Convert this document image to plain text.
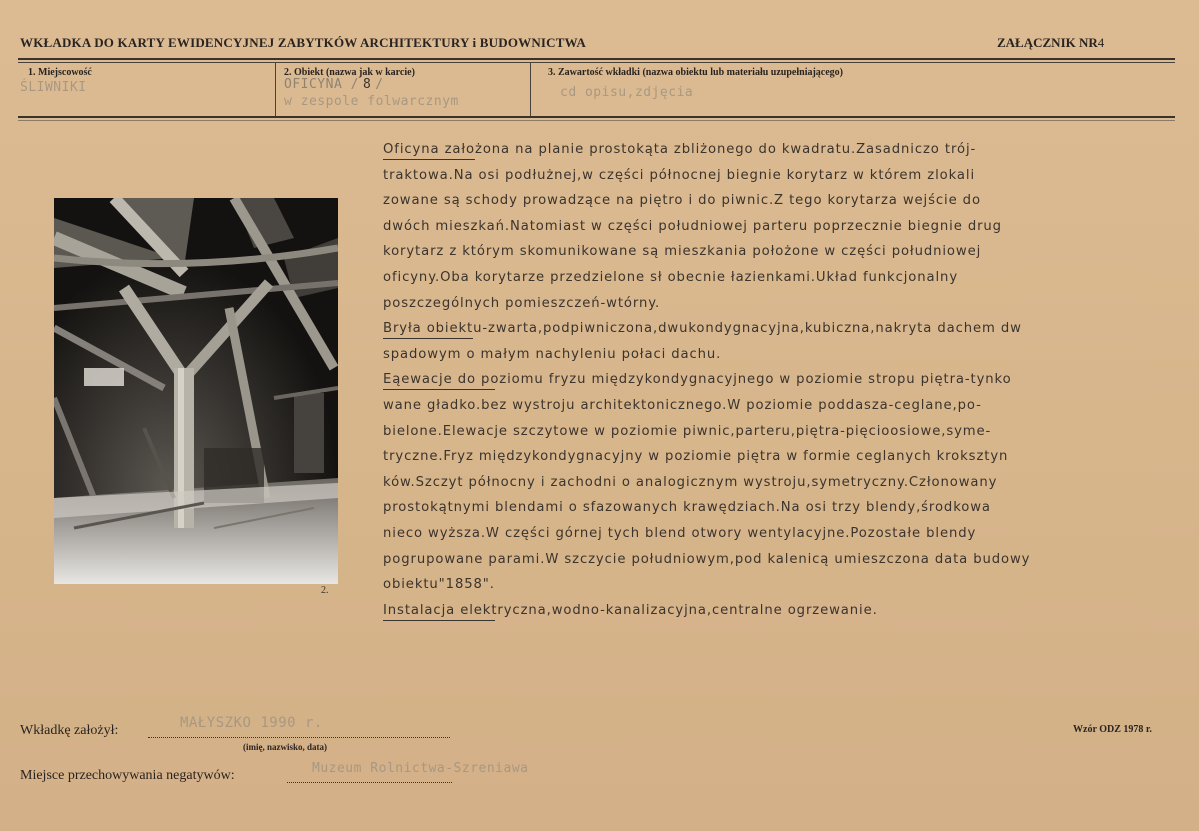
WKŁADKA DO KARTY EWIDENCYJNEJ ZABYTKÓW ARCHITEKTURY i BUDOWNICTWA	ZAŁĄCZNIK NR4
1. Miejscowość
ŚLIWNIKI
2. Obiekt (nazwa jak w karcie)
OFICYNA / 8 /
w zespole folwarcznym
3. Zawartość wkładki (nazwa obiektu lub materiału uzupełniającego)
cd opisu,zdjęcia
2.
Oficyna założona na planie prostokąta zbliżonego do kwadratu.Zasadniczo trój-
traktowa.Na osi podłużnej,w części północnej biegnie korytarz w którem zlokali
zowane są schody prowadzące na piętro i do piwnic.Z tego korytarza wejście do
dwóch mieszkań.Natomiast w części południowej parteru poprzecznie biegnie drug
korytarz z którym skomunikowane są mieszkania położone w części południowej
oficyny.Oba korytarze przedzielone sł obecnie łazienkami.Układ funkcjonalny
poszczególnych pomieszczeń-wtórny.
Bryła obiektu-zwarta,podpiwniczona,dwukondygnacyjna,kubiczna,nakryta dachem dw
spadowym o małym nachyleniu połaci dachu.
Eąewacje do poziomu fryzu międzykondygnacyjnego w poziomie stropu piętra-tynko
wane gładko.bez wystroju architektonicznego.W poziomie poddasza-ceglane,po-
bielone.Elewacje szczytowe w poziomie piwnic,parteru,piętra-pięcioosiowe,syme-
tryczne.Fryz międzykondygnacyjny w poziomie piętra w formie ceglanych kroksztyn
ków.Szczyt północny i zachodni o analogicznym wystroju,symetryczny.Członowany
prostokątnymi blendami o sfazowanych krawędziach.Na osi trzy blendy,środkowa
nieco wyższa.W części górnej tych blend otwory wentylacyjne.Pozostałe blendy
pogrupowane parami.W szczycie południowym,pod kalenicą umieszczona data budowy
obiektu"1858".
Instalacja elektryczna,wodno-kanalizacyjna,centralne ogrzewanie.
Wkładkę założył:	MAŁYSZKO 1990 r.
(imię, nazwisko, data)
Miejsce przechowywania negatywów:	Muzeum Rolnictwa-Szreniawa
Wzór ODZ 1978 r.
